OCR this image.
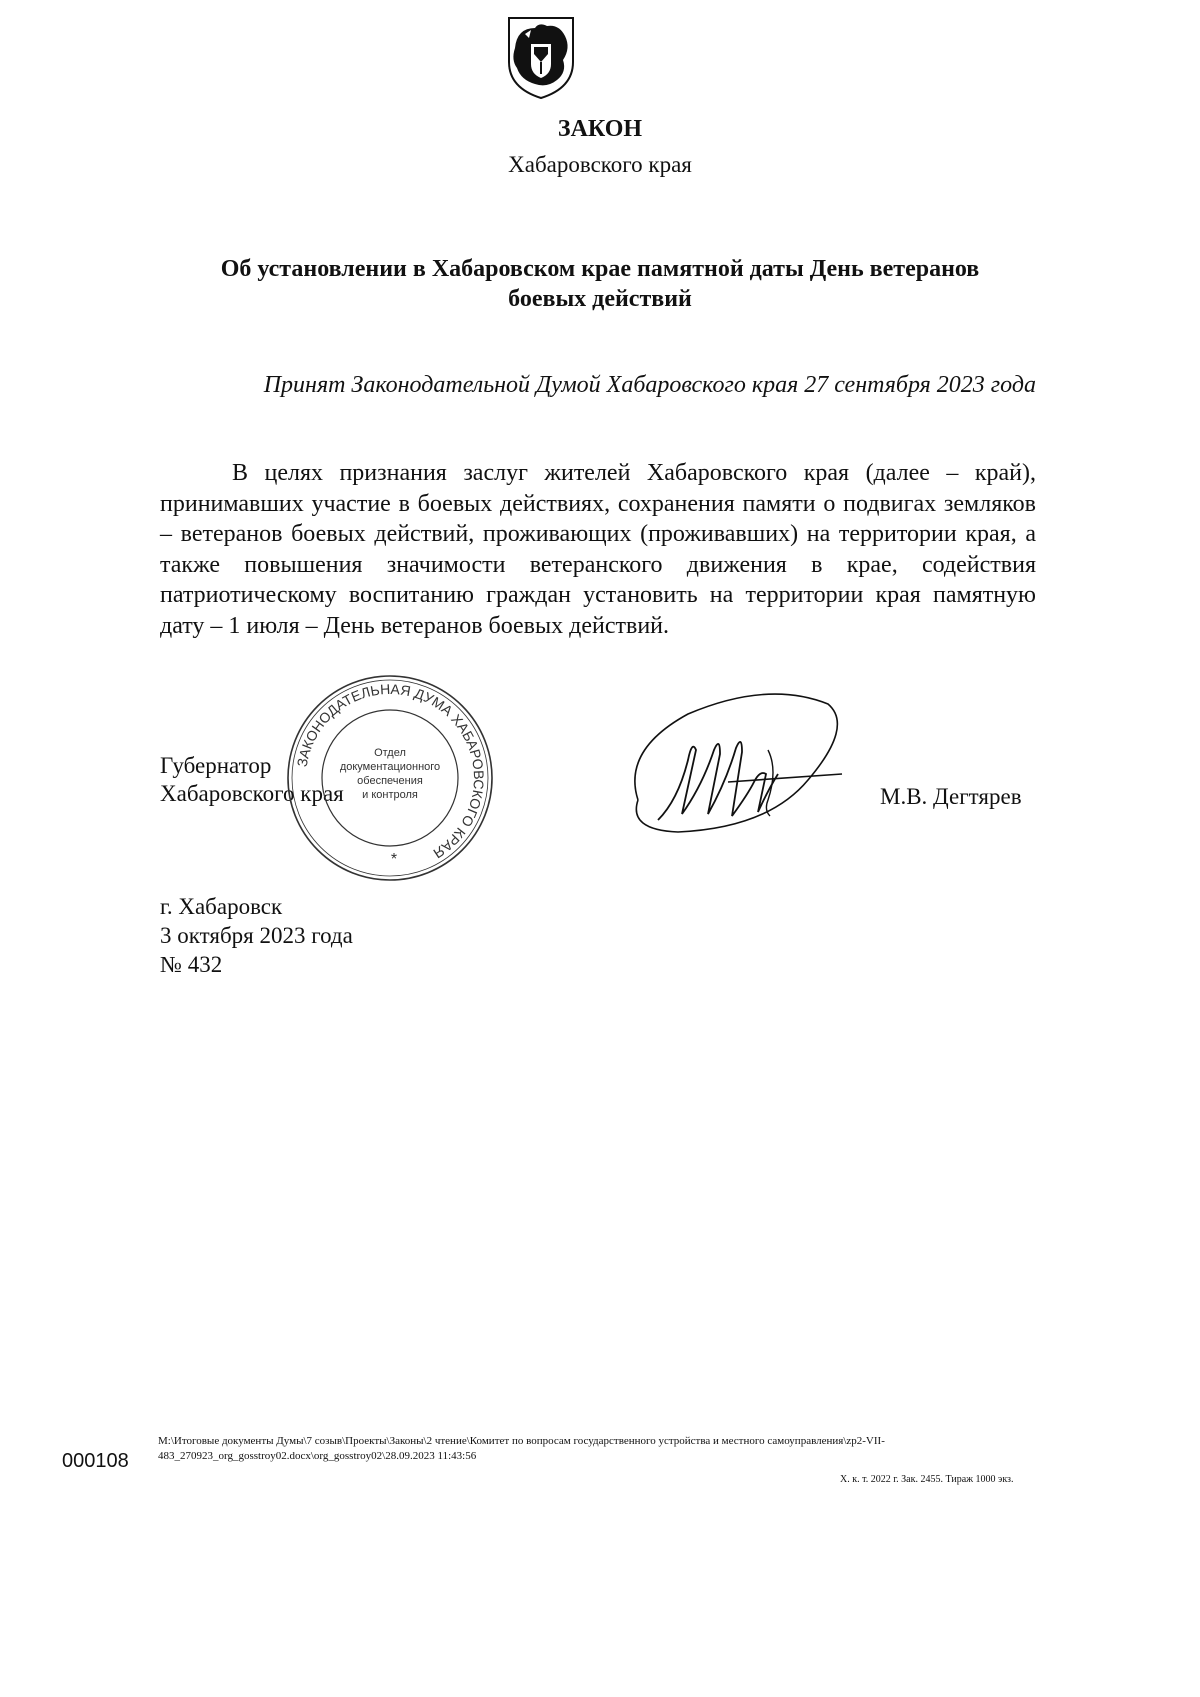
ЗАКОН
Хабаровского края
Об установлении в Хабаровском крае памятной даты День ветеранов
боевых действий
Принят Законодательной Думой Хабаровского края 27 сентября 2023 года
В целях признания заслуг жителей Хабаровского края (далее – край), принимавших участие в боевых действиях, сохранения памяти о подвигах земляков – ветеранов боевых действий, проживающих (проживавших) на территории края, а также повышения значимости ветеранского движения в крае, содействия патриотическому воспитанию граждан установить на территории края памятную дату – 1 июля – День ветеранов боевых действий.
Губернатор
Хабаровского края
ЗАКОНОДАТЕЛЬНАЯ ДУМА ХАБАРОВСКОГО КРАЯ
Отдел
документационного
обеспечения
и контроля
*
М.В. Дегтярев
г. Хабаровск
3 октября 2023 года
№ 432
000108
M:\Итоговые документы Думы\7 созыв\Проекты\Законы\2 чтение\Комитет по вопросам государственного устройства и местного самоуправления\zp2-VII-
483_270923_org_gosstroy02.docx\org_gosstroy02\28.09.2023 11:43:56
Х. к. т. 2022 г. Зак. 2455. Тираж 1000 экз.
